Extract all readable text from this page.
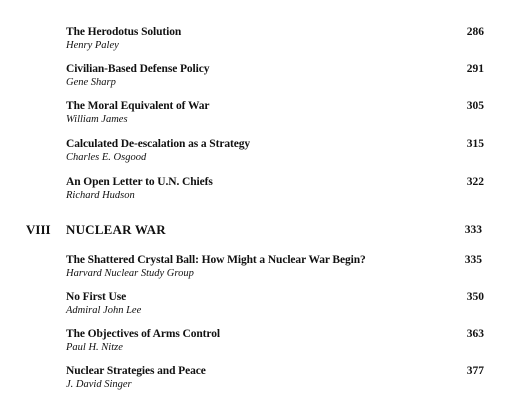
The Herodotus Solution
Henry Paley
286
Civilian-Based Defense Policy
Gene Sharp
291
The Moral Equivalent of War
William James
305
Calculated De-escalation as a Strategy
Charles E. Osgood
315
An Open Letter to U.N. Chiefs
Richard Hudson
322
VIII NUCLEAR WAR	333
The Shattered Crystal Ball: How Might a Nuclear War Begin?
Harvard Nuclear Study Group
335
No First Use
Admiral John Lee
350
The Objectives of Arms Control
Paul H. Nitze
363
Nuclear Strategies and Peace
J. David Singer
377
